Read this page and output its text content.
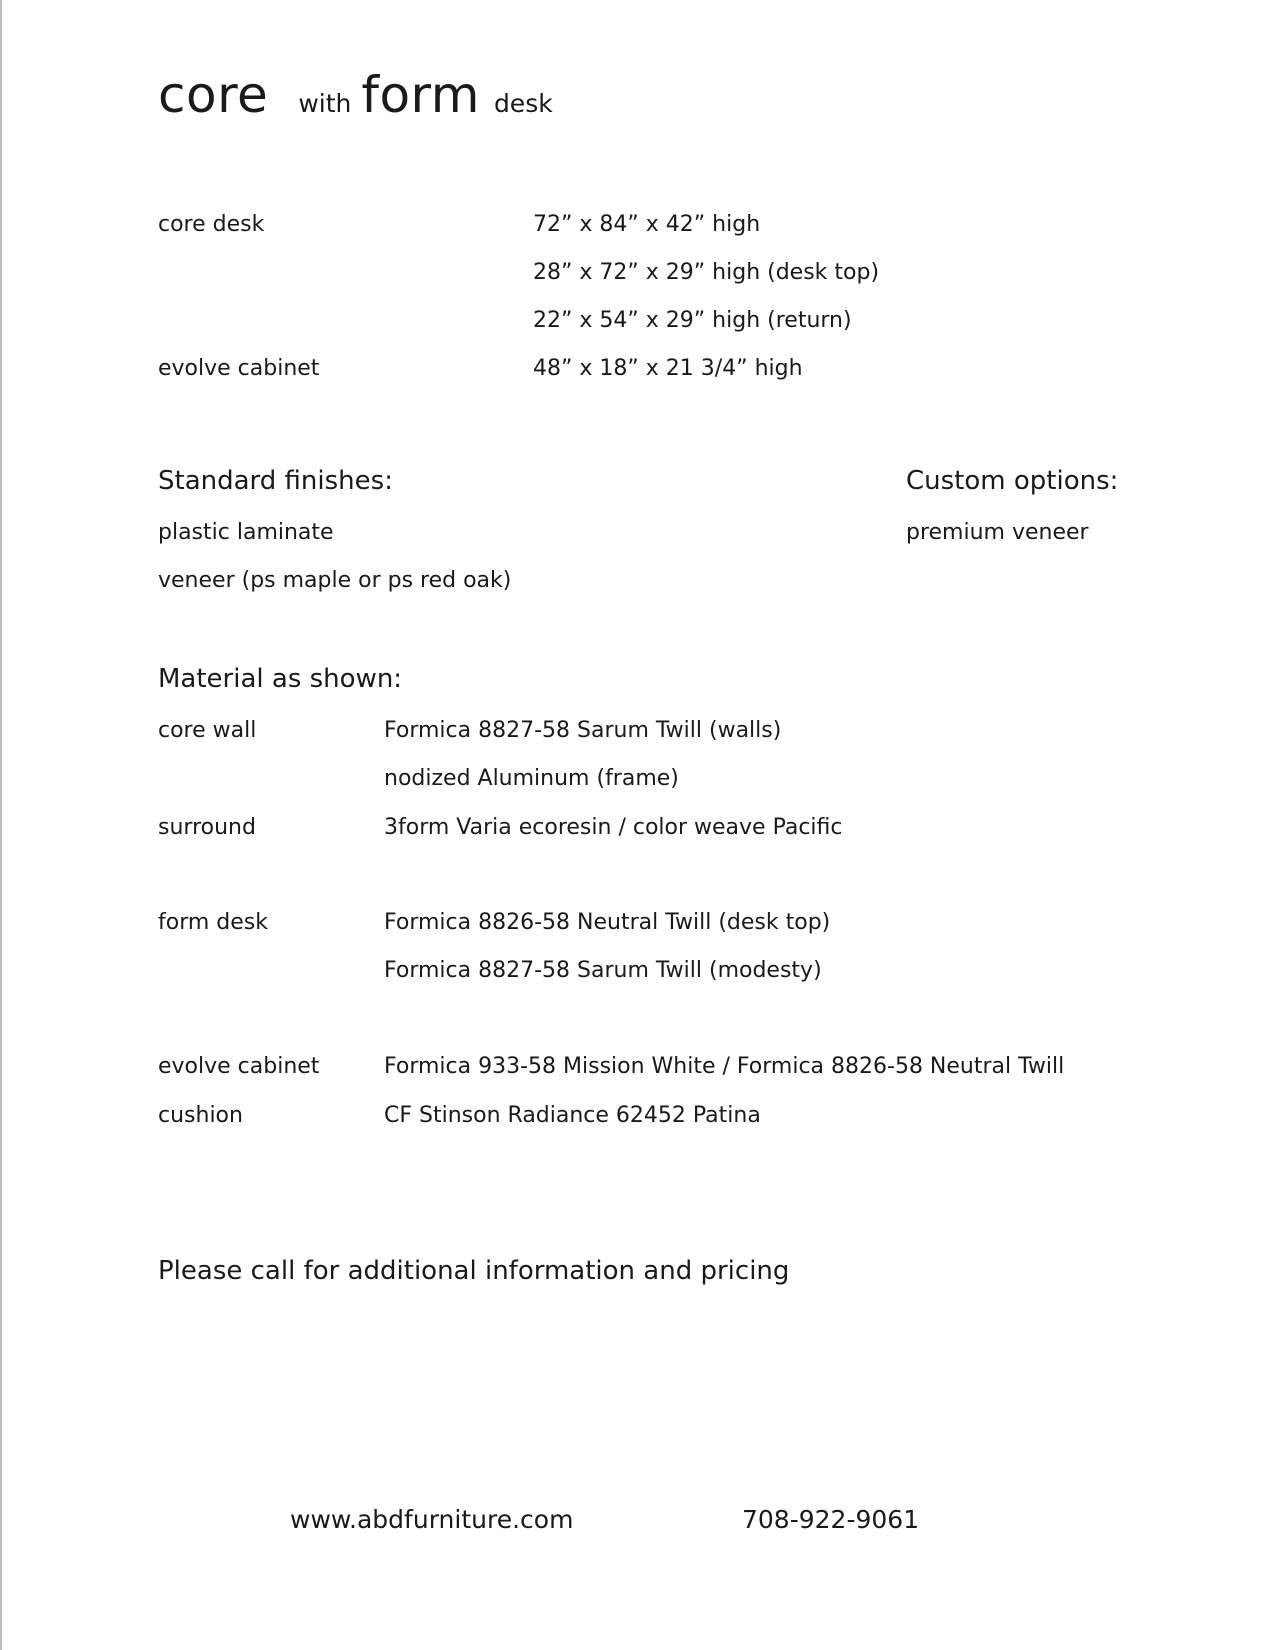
core with form desk
core desk	72” x 84” x 42” high
28” x 72” x 29” high (desk top)
22” x 54” x 29” high (return)
evolve cabinet	48” x 18” x 21 3/4” high
Standard finishes:
plastic laminate
veneer (ps maple or ps red oak)
Custom options:
premium veneer
Material as shown:
core wall	Formica 8827-58 Sarum Twill (walls)
nodized Aluminum (frame)
surround	3form Varia ecoresin / color weave Pacific
form desk	Formica 8826-58 Neutral Twill (desk top)
Formica 8827-58 Sarum Twill (modesty)
evolve cabinet	Formica 933-58 Mission White / Formica 8826-58 Neutral Twill
cushion	CF Stinson Radiance 62452 Patina
Please call for additional information and pricing
www.abdfurniture.com	708-922-9061
